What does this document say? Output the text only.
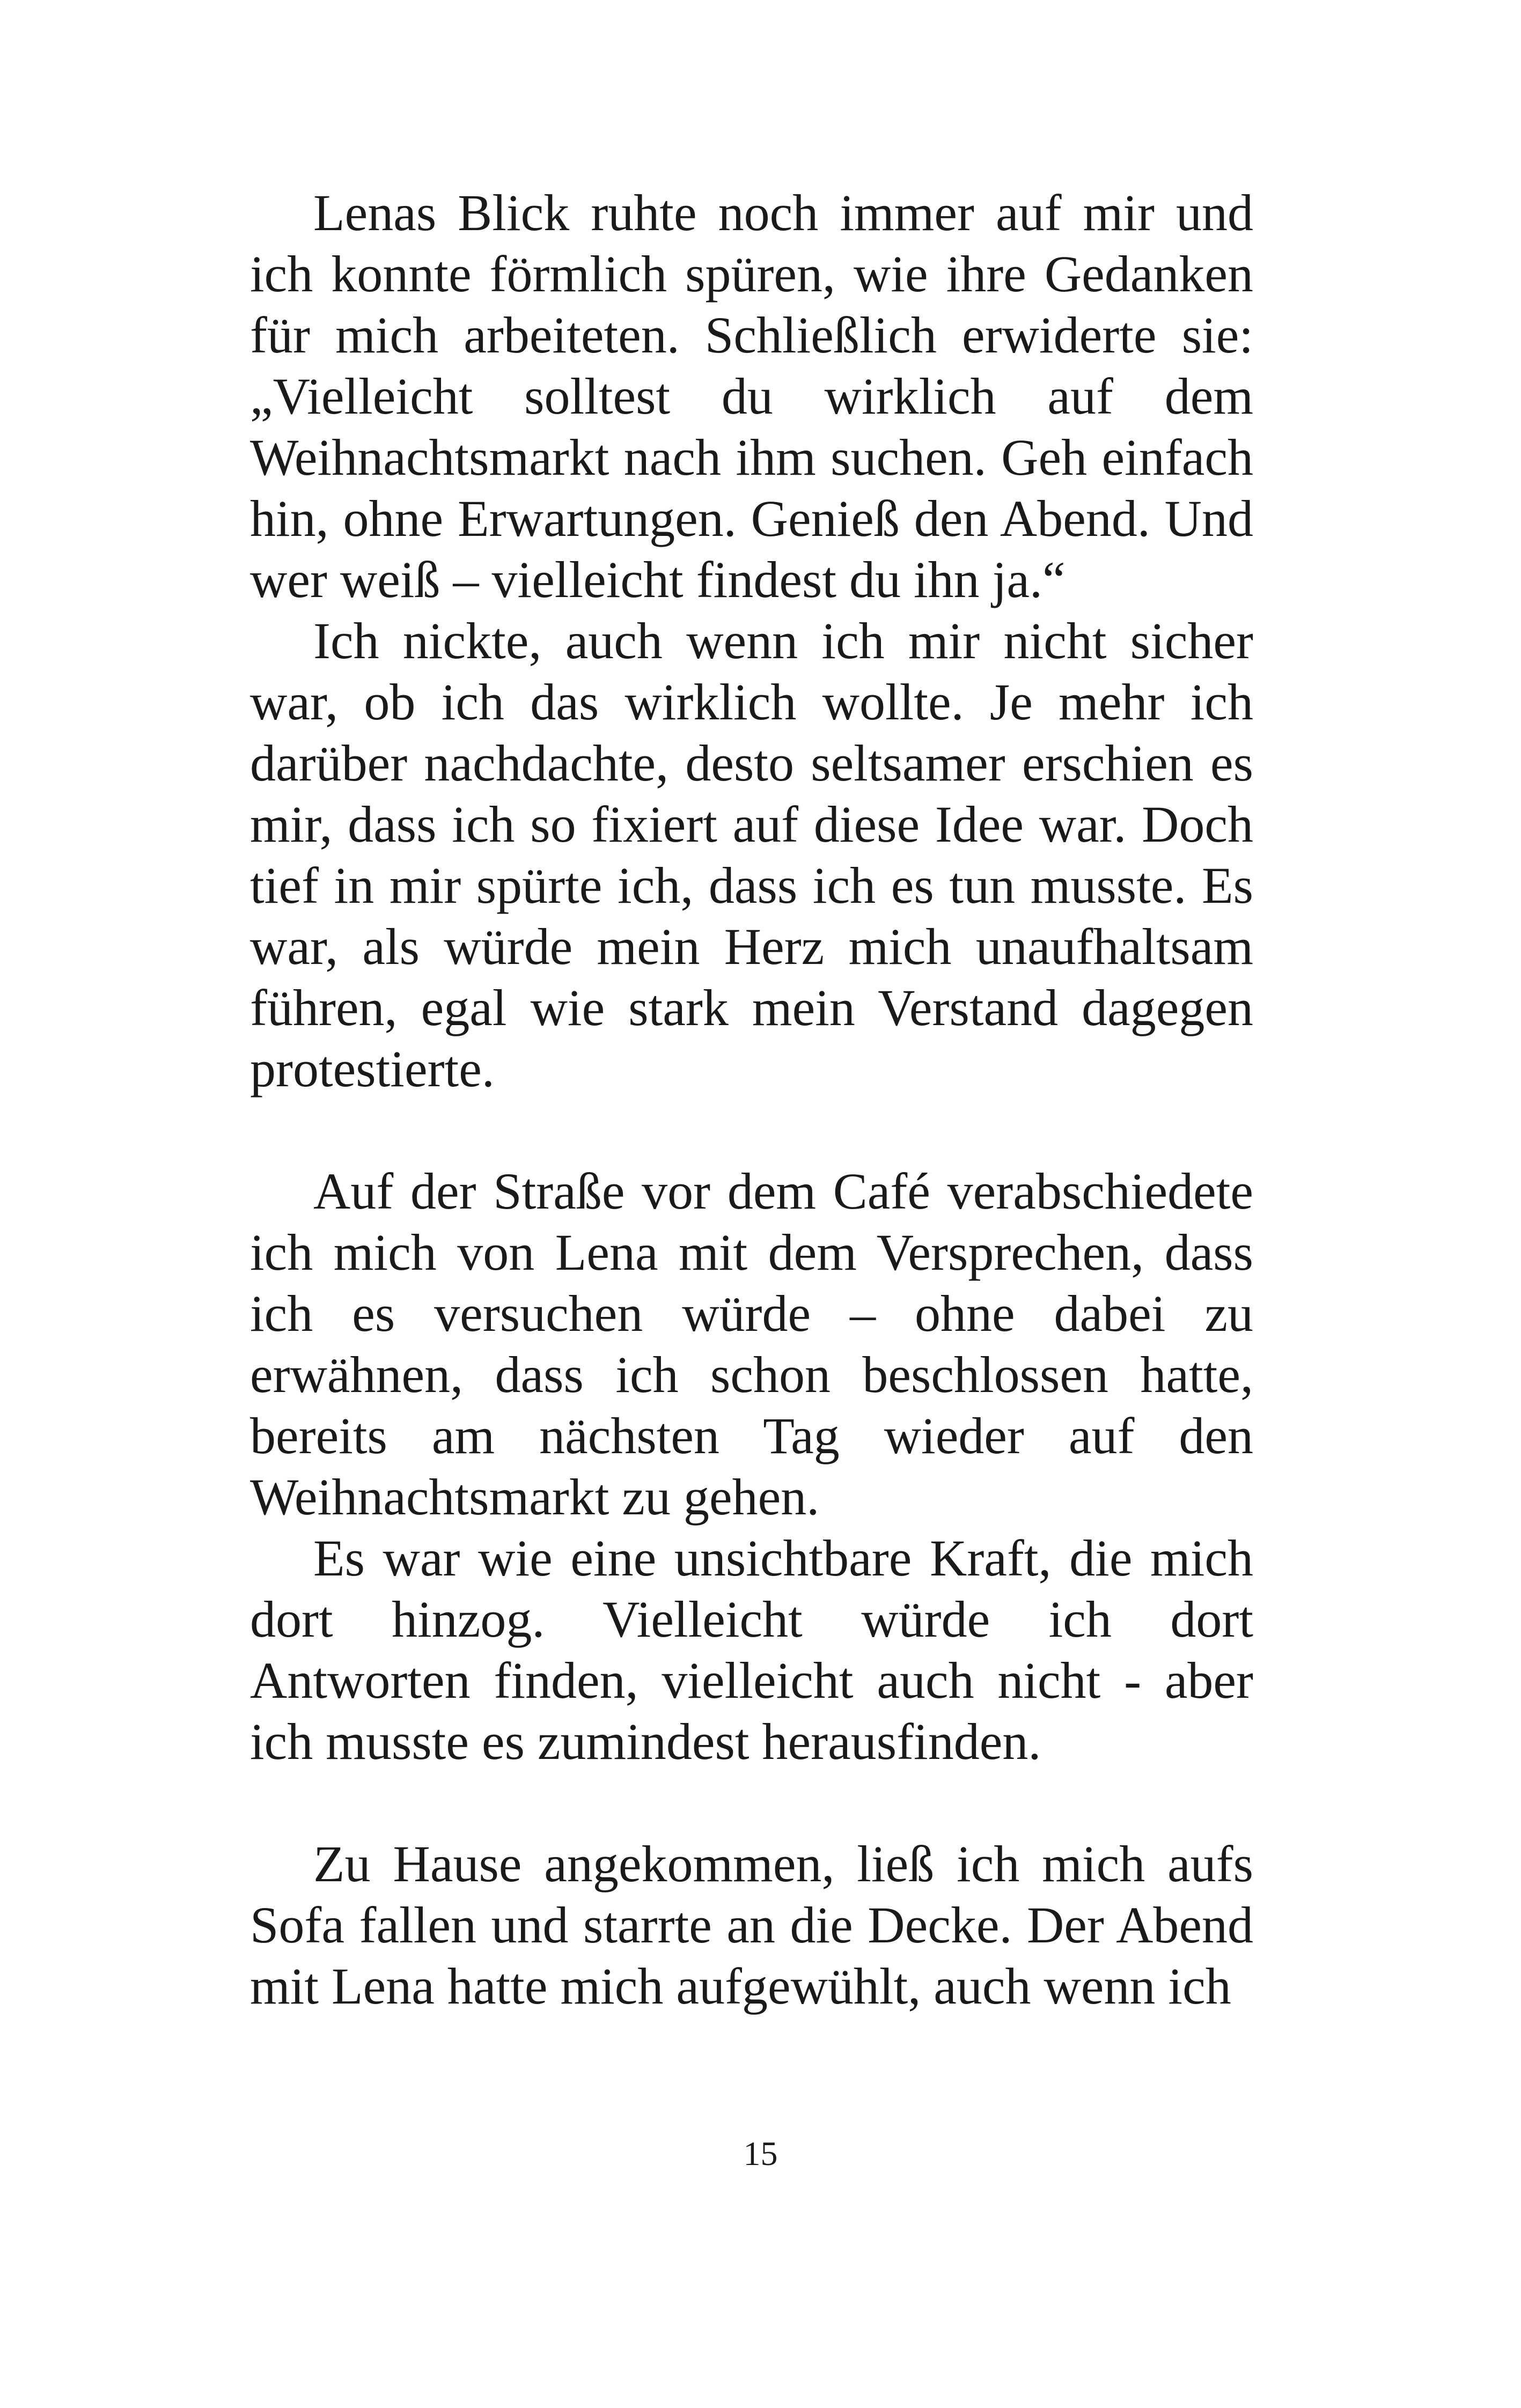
Lenas Blick ruhte noch immer auf mir und ich konnte förmlich spüren, wie ihre Gedanken für mich arbeiteten. Schließlich erwiderte sie: „Vielleicht solltest du wirklich auf dem Weihnachtsmarkt nach ihm suchen. Geh einfach hin, ohne Erwartungen. Genieß den Abend. Und wer weiß – vielleicht findest du ihn ja.“

Ich nickte, auch wenn ich mir nicht sicher war, ob ich das wirklich wollte. Je mehr ich darüber nachdachte, desto seltsamer erschien es mir, dass ich so fixiert auf diese Idee war. Doch tief in mir spürte ich, dass ich es tun musste. Es war, als würde mein Herz mich unaufhaltsam führen, egal wie stark mein Verstand dagegen protestierte.

Auf der Straße vor dem Café verabschiedete ich mich von Lena mit dem Versprechen, dass ich es versuchen würde – ohne dabei zu erwähnen, dass ich schon beschlossen hatte, bereits am nächsten Tag wieder auf den Weihnachtsmarkt zu gehen.

Es war wie eine unsichtbare Kraft, die mich dort hinzog. Vielleicht würde ich dort Antworten finden, vielleicht auch nicht - aber ich musste es zumindest herausfinden.

Zu Hause angekommen, ließ ich mich aufs Sofa fallen und starrte an die Decke. Der Abend mit Lena hatte mich aufgewühlt, auch wenn ich

15
